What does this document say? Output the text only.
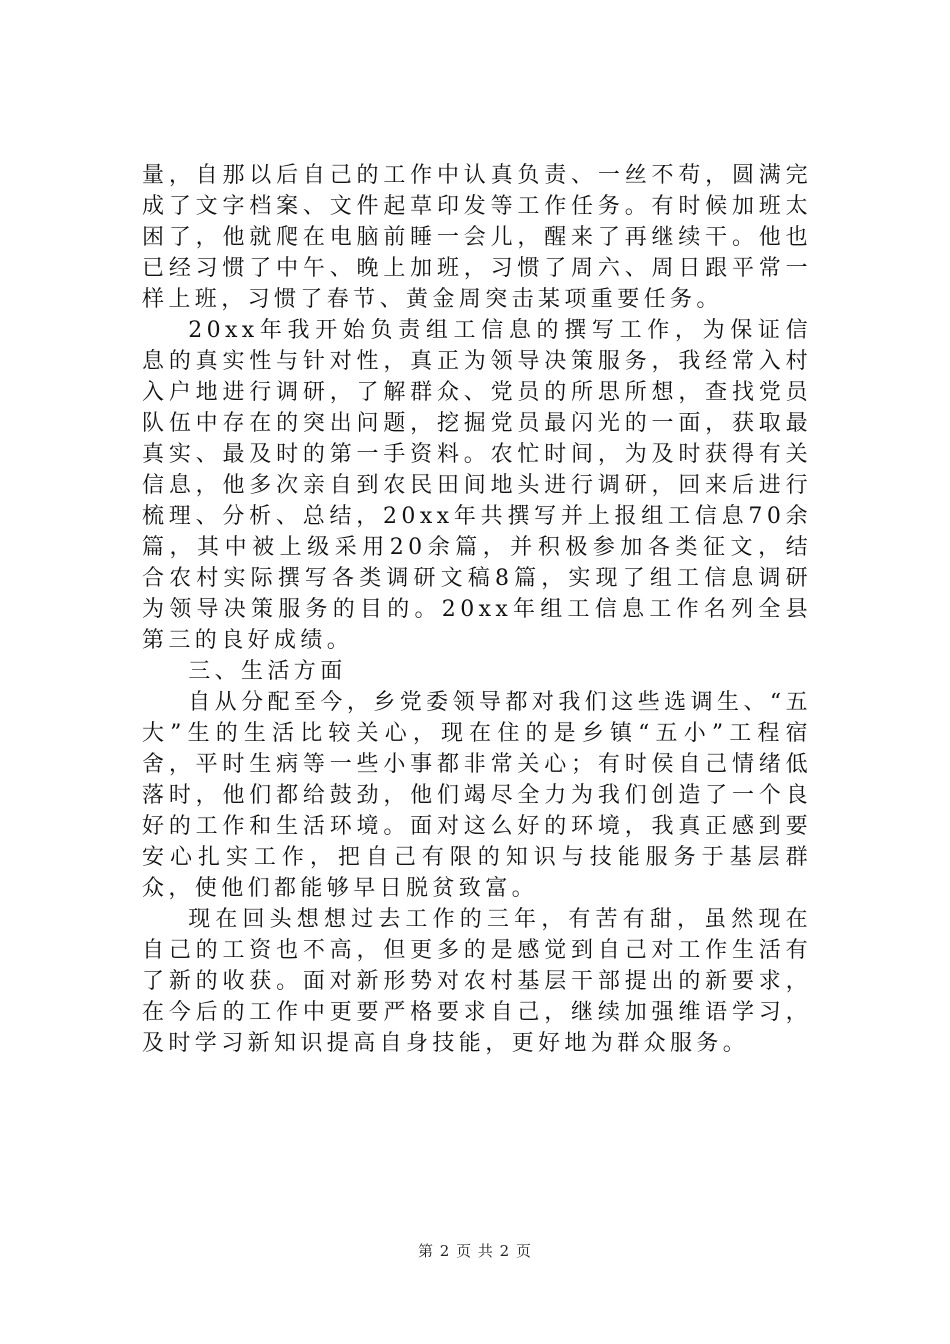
量，自那以后自己的工作中认真负责、一丝不苟，圆满完成了文字档案、文件起草印发等工作任务。有时候加班太困了，他就爬在电脑前睡一会儿，醒来了再继续干。他也已经习惯了中午、晚上加班，习惯了周六、周日跟平常一样上班，习惯了春节、黄金周突击某项重要任务。

20xx年我开始负责组工信息的撰写工作，为保证信息的真实性与针对性，真正为领导决策服务，我经常入村入户地进行调研，了解群众、党员的所思所想，查找党员队伍中存在的突出问题，挖掘党员最闪光的一面，获取最真实、最及时的第一手资料。农忙时间，为及时获得有关信息，他多次亲自到农民田间地头进行调研，回来后进行梳理、分析、总结，20xx年共撰写并上报组工信息70余篇，其中被上级采用20余篇，并积极参加各类征文，结合农村实际撰写各类调研文稿8篇，实现了组工信息调研为领导决策服务的目的。20xx年组工信息工作名列全县第三的良好成绩。

三、生活方面

自从分配至今，乡党委领导都对我们这些选调生、“五大”生的生活比较关心，现在住的是乡镇“五小”工程宿舍，平时生病等一些小事都非常关心；有时侯自己情绪低落时，他们都给鼓劲，他们竭尽全力为我们创造了一个良好的工作和生活环境。面对这么好的环境，我真正感到要安心扎实工作，把自己有限的知识与技能服务于基层群众，使他们都能够早日脱贫致富。

现在回头想想过去工作的三年，有苦有甜，虽然现在自己的工资也不高，但更多的是感觉到自己对工作生活有了新的收获。面对新形势对农村基层干部提出的新要求，在今后的工作中更要严格要求自己，继续加强维语学习，及时学习新知识提高自身技能，更好地为群众服务。

第 2 页 共 2 页
